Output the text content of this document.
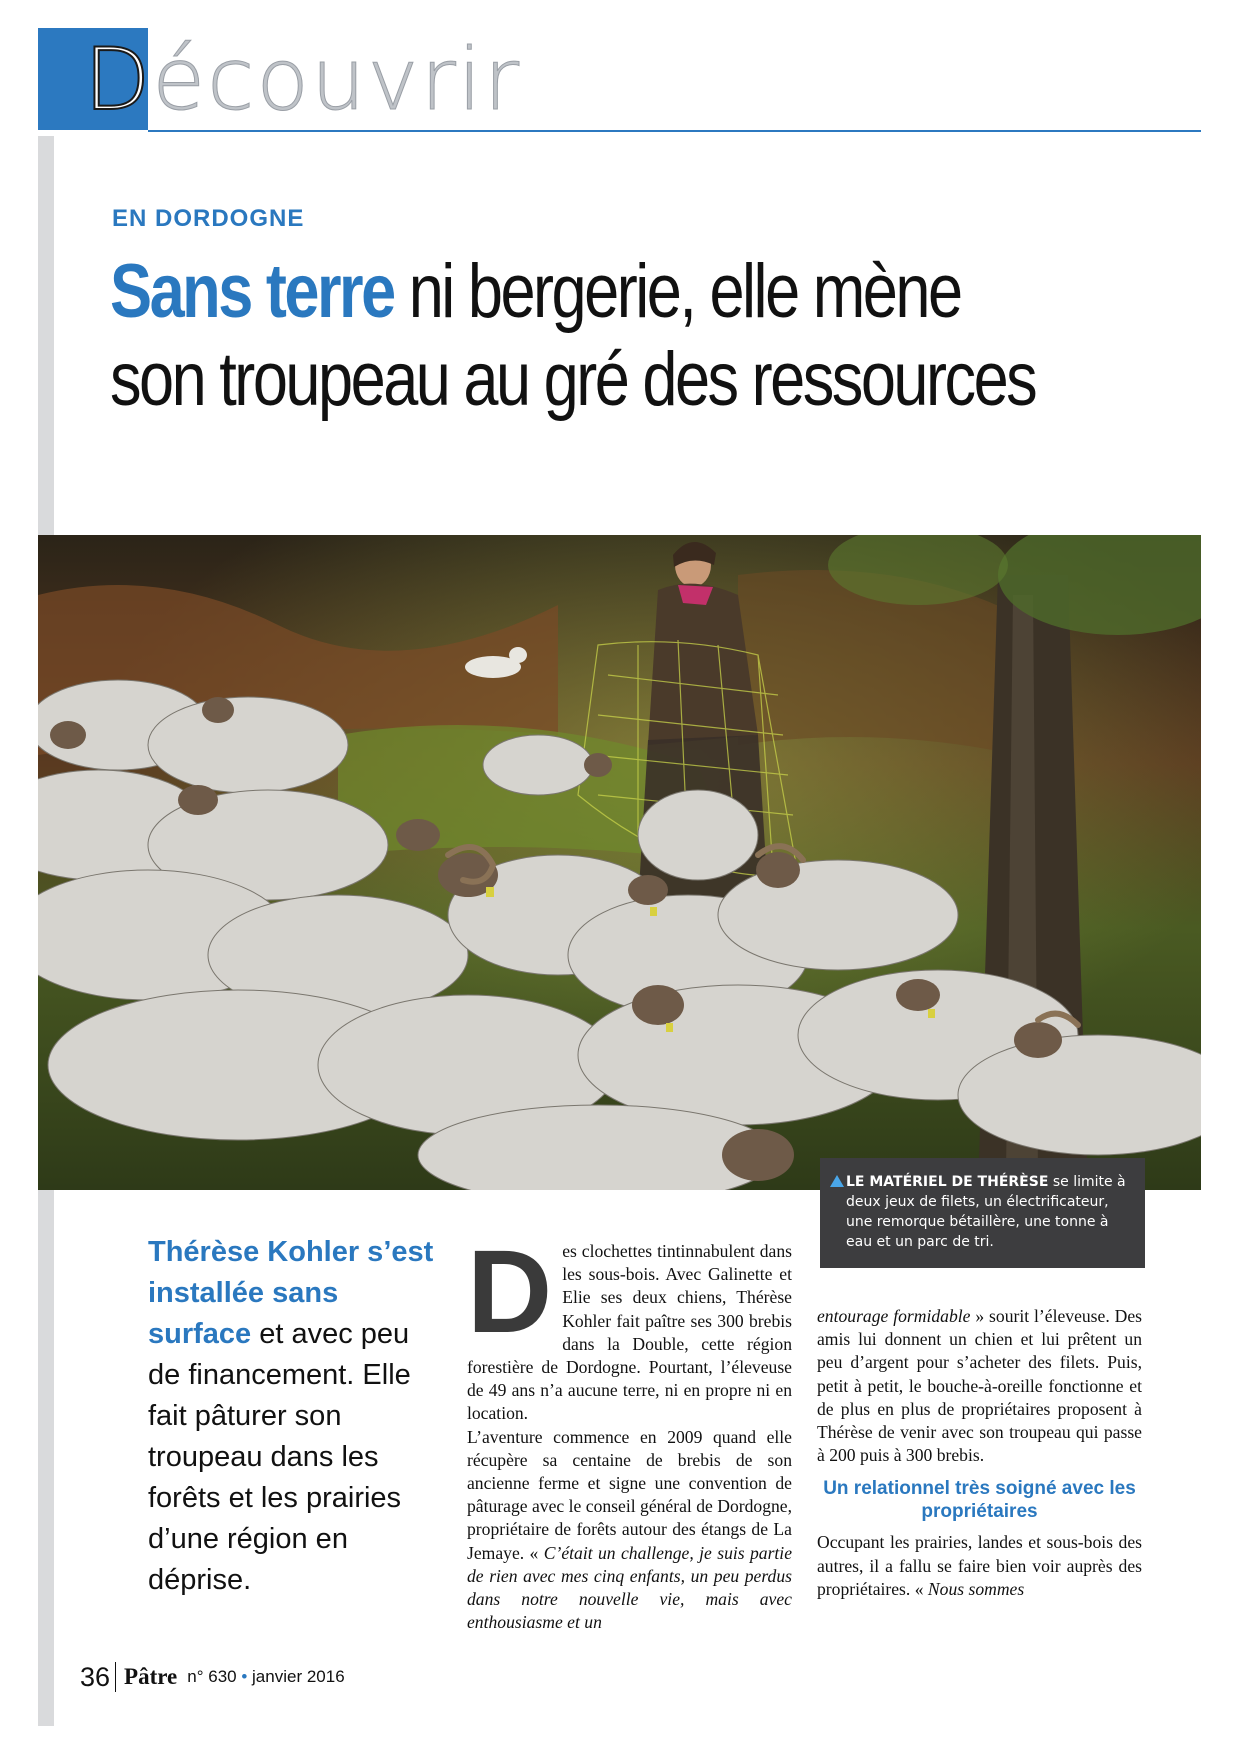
Découvrir
EN DORDOGNE
Sans terre ni bergerie, elle mène
son troupeau au gré des ressources
LE MATÉRIEL DE THÉRÈSE se limite à deux jeux de filets, un électrificateur, une remorque bétaillère, une tonne à eau et un parc de tri.
Thérèse Kohler s’est installée sans surface et avec peu de financement. Elle fait pâturer son troupeau dans les forêts et les prairies d’une région en déprise.
D es clochettes tintinnabulent dans les sous-bois. Avec Galinette et Elie ses deux chiens, Thérèse Kohler fait paître ses 300 brebis dans la Double, cette région forestière de Dordogne. Pourtant, l’éleveuse de 49 ans n’a aucune terre, ni en propre ni en location.

L’aventure commence en 2009 quand elle récupère sa centaine de brebis de son ancienne ferme et signe une convention de pâturage avec le conseil général de Dordogne, propriétaire de forêts autour des étangs de La Jemaye. « C’était un challenge, je suis partie de rien avec mes cinq enfants, un peu perdus dans notre nouvelle vie, mais avec enthousiasme et un

entourage formidable » sourit l’éleveuse. Des amis lui donnent un chien et lui prêtent un peu d’argent pour s’acheter des filets. Puis, petit à petit, le bouche-à-oreille fonctionne et de plus en plus de propriétaires proposent à Thérèse de venir avec son troupeau qui passe à 200 puis à 300 brebis.

Un relationnel très soigné avec les propriétaires

Occupant les prairies, landes et sous-bois des autres, il a fallu se faire bien voir auprès des propriétaires. « Nous sommes

36 Pâtre n° 630 • janvier 2016
